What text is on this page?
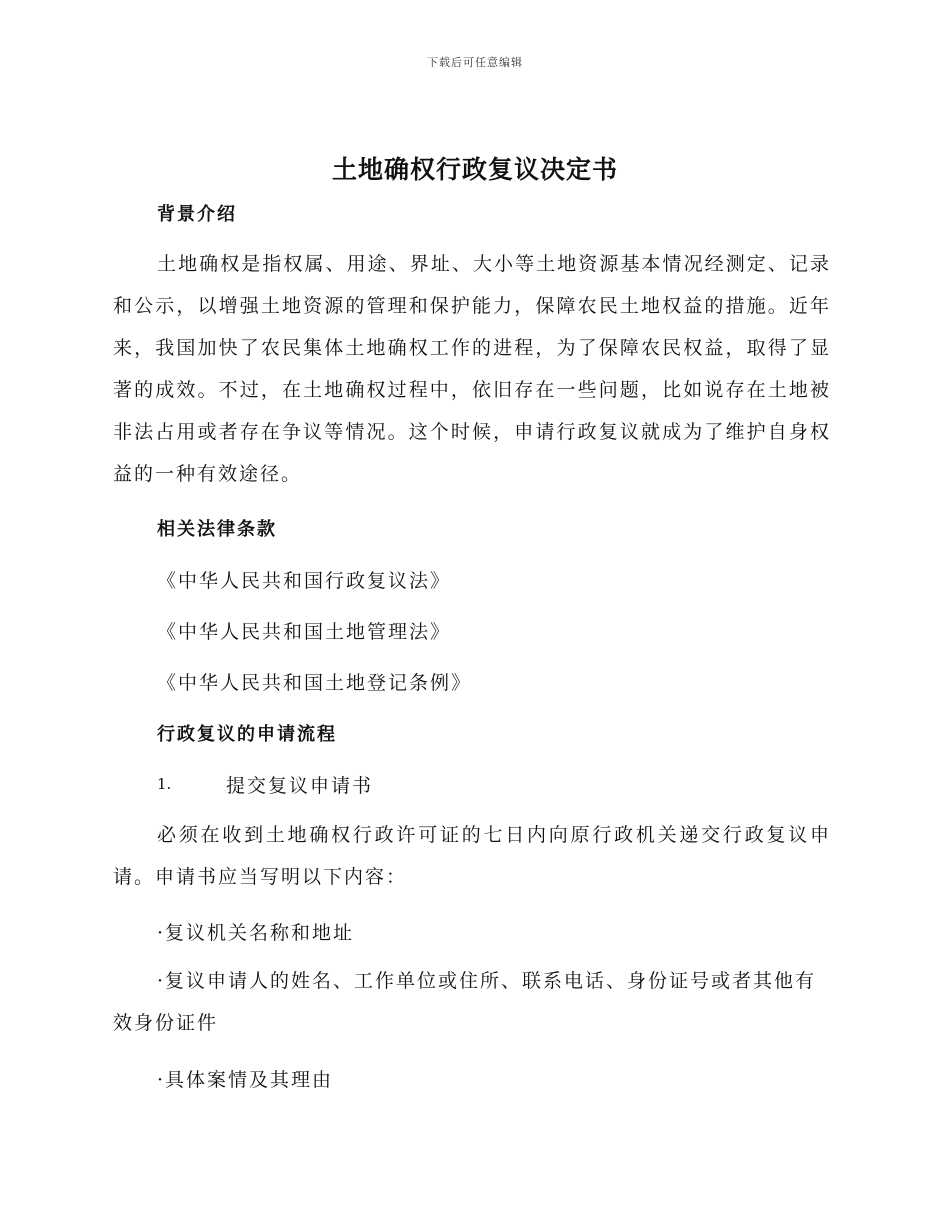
下载后可任意编辑
土地确权行政复议决定书
背景介绍

土地确权是指权属、用途、界址、大小等土地资源基本情况经测定、记录和公示，以增强土地资源的管理和保护能力，保障农民土地权益的措施。近年来，我国加快了农民集体土地确权工作的进程，为了保障农民权益，取得了显著的成效。不过，在土地确权过程中，依旧存在一些问题，比如说存在土地被非法占用或者存在争议等情况。这个时候，申请行政复议就成为了维护自身权益的一种有效途径。

相关法律条款
《中华人民共和国行政复议法》
《中华人民共和国土地管理法》
《中华人民共和国土地登记条例》
行政复议的申请流程
1.	提交复议申请书

必须在收到土地确权行政许可证的七日内向原行政机关递交行政复议申请。申请书应当写明以下内容：

·复议机关名称和地址

·复议申请人的姓名、工作单位或住所、联系电话、身份证号或者其他有效身份证件

·具体案情及其理由
